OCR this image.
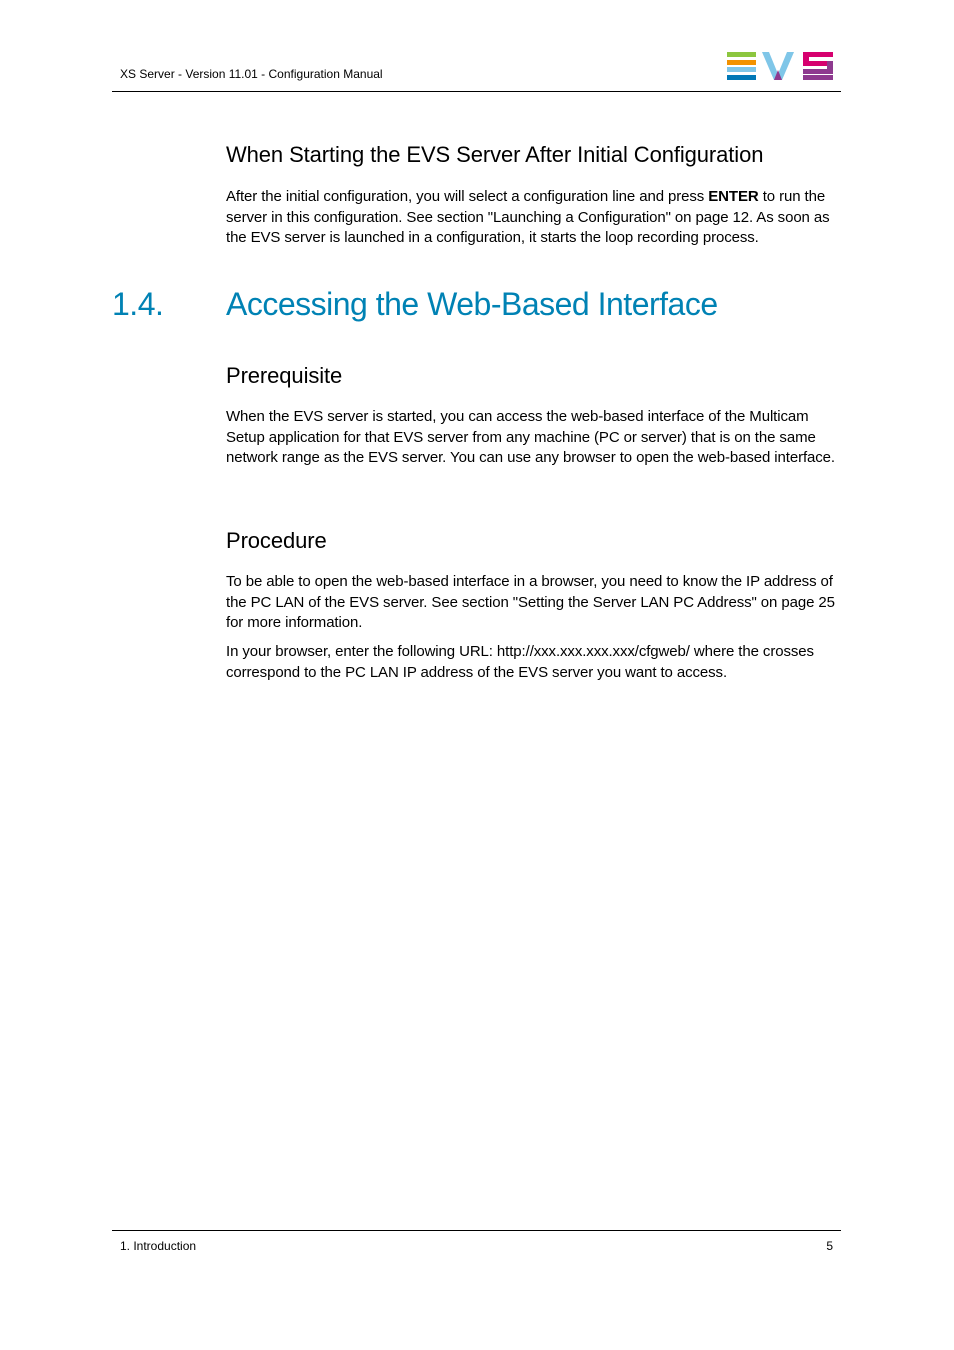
XS Server - Version 11.01 - Configuration Manual
When Starting the EVS Server After Initial Configuration
After the initial configuration, you will select a configuration line and press ENTER to run the server in this configuration. See section "Launching a Configuration" on page 12. As soon as the EVS server is launched in a configuration, it starts the loop recording process.
1.4. Accessing the Web-Based Interface
Prerequisite
When the EVS server is started, you can access the web-based interface of the Multicam Setup application for that EVS server from any machine (PC or server) that is on the same network range as the EVS server. You can use any browser to open the web-based interface.
Procedure
To be able to open the web-based interface in a browser, you need to know the IP address of the PC LAN of the EVS server. See section "Setting the Server LAN PC Address" on page 25 for more information.
In your browser, enter the following URL: http://xxx.xxx.xxx.xxx/cfgweb/ where the crosses correspond to the PC LAN IP address of the EVS server you want to access.
1. Introduction	5
